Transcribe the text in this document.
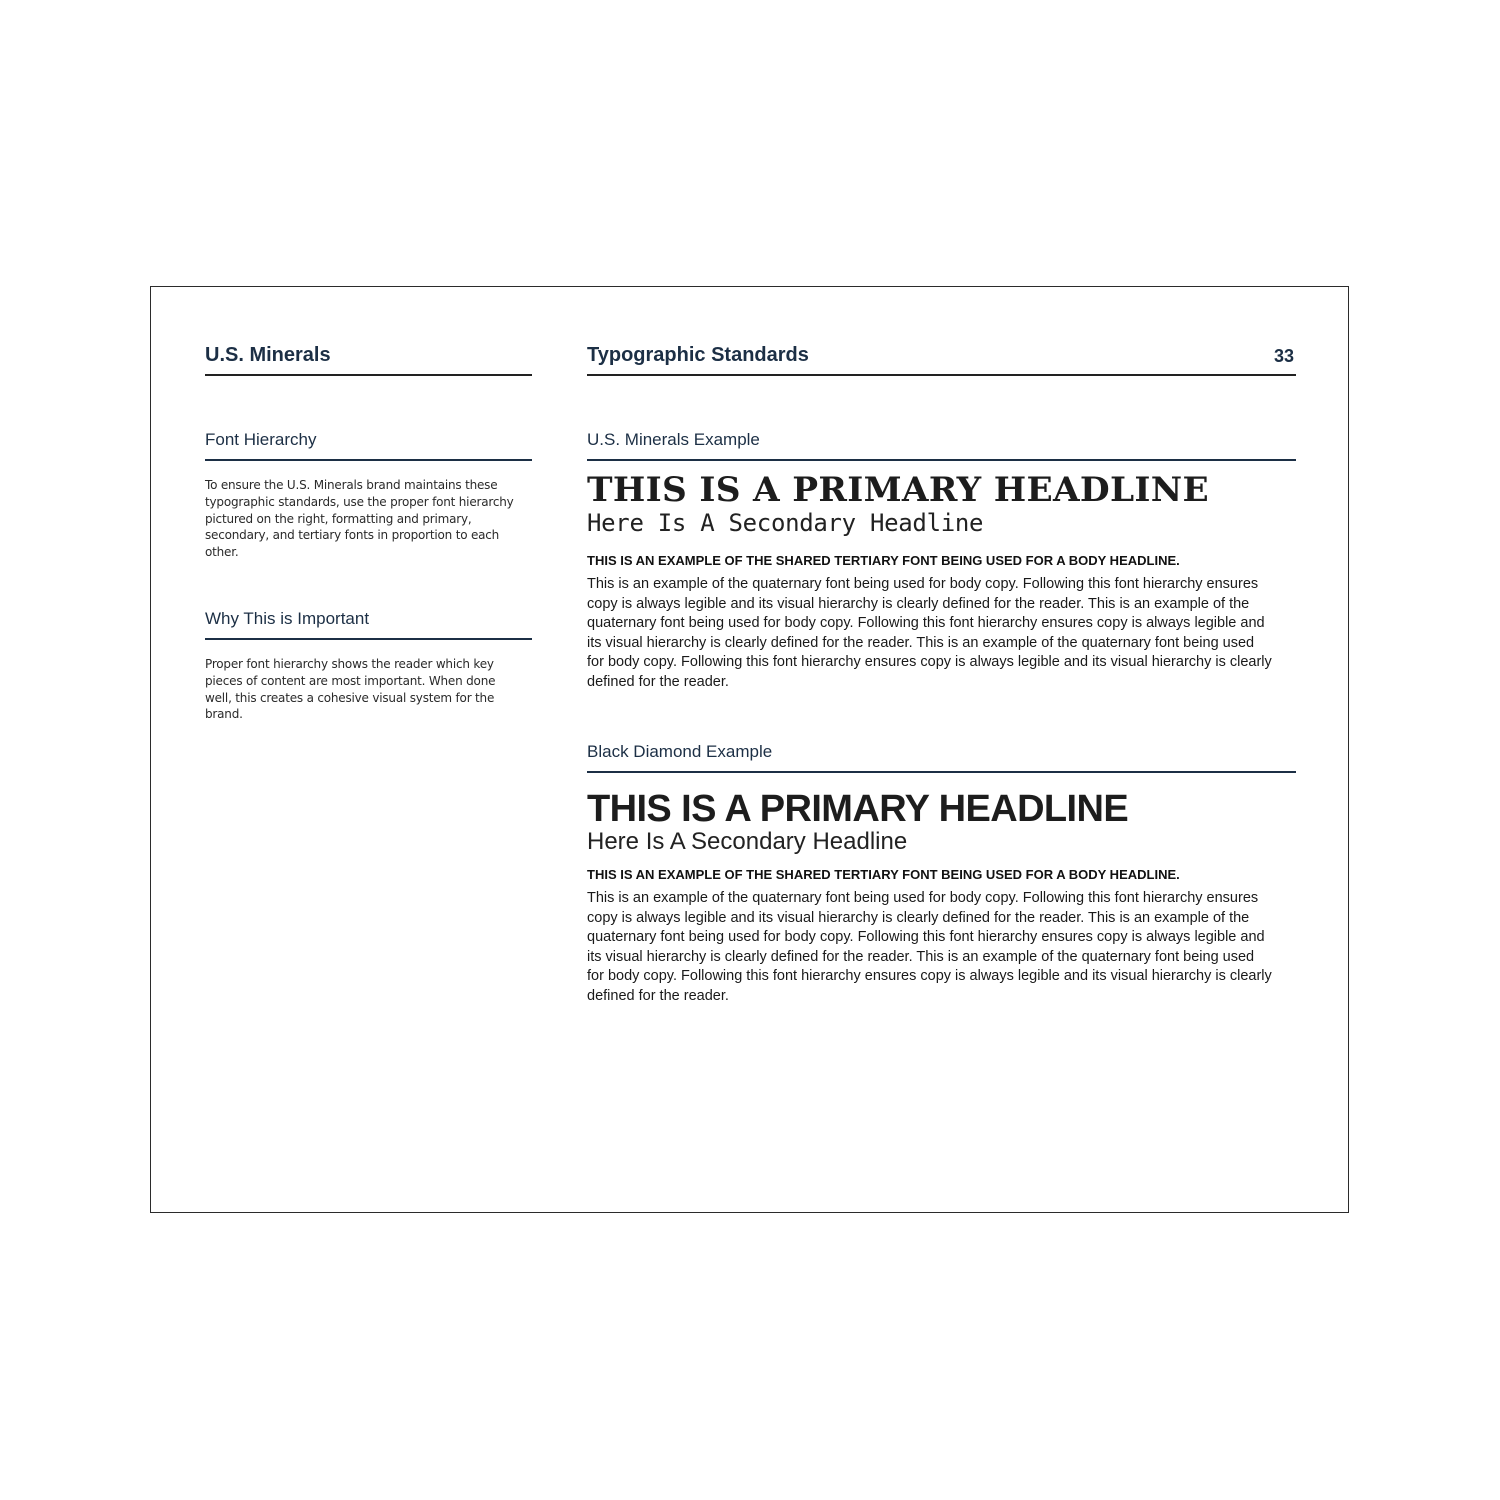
U.S. Minerals	Typographic Standards	33
Font Hierarchy
To ensure the U.S. Minerals brand maintains these typographic standards, use the proper font hierarchy pictured on the right, formatting and primary, secondary, and tertiary fonts in proportion to each other.
Why This is Important
Proper font hierarchy shows the reader which key pieces of content are most important. When done well, this creates a cohesive visual system for the brand.
U.S. Minerals Example
THIS IS A PRIMARY HEADLINE
Here Is A Secondary Headline
THIS IS AN EXAMPLE OF THE SHARED TERTIARY FONT BEING USED FOR A BODY HEADLINE.
This is an example of the quaternary font being used for body copy. Following this font hierarchy ensures
copy is always legible and its visual hierarchy is clearly defined for the reader. This is an example of the
quaternary font being used for body copy. Following this font hierarchy ensures copy is always legible and
its visual hierarchy is clearly defined for the reader. This is an example of the quaternary font being used
for body copy. Following this font hierarchy ensures copy is always legible and its visual hierarchy is clearly
defined for the reader.
Black Diamond Example
THIS IS A PRIMARY HEADLINE
Here Is A Secondary Headline
THIS IS AN EXAMPLE OF THE SHARED TERTIARY FONT BEING USED FOR A BODY HEADLINE.
This is an example of the quaternary font being used for body copy. Following this font hierarchy ensures
copy is always legible and its visual hierarchy is clearly defined for the reader. This is an example of the
quaternary font being used for body copy. Following this font hierarchy ensures copy is always legible and
its visual hierarchy is clearly defined for the reader. This is an example of the quaternary font being used
for body copy. Following this font hierarchy ensures copy is always legible and its visual hierarchy is clearly
defined for the reader.
